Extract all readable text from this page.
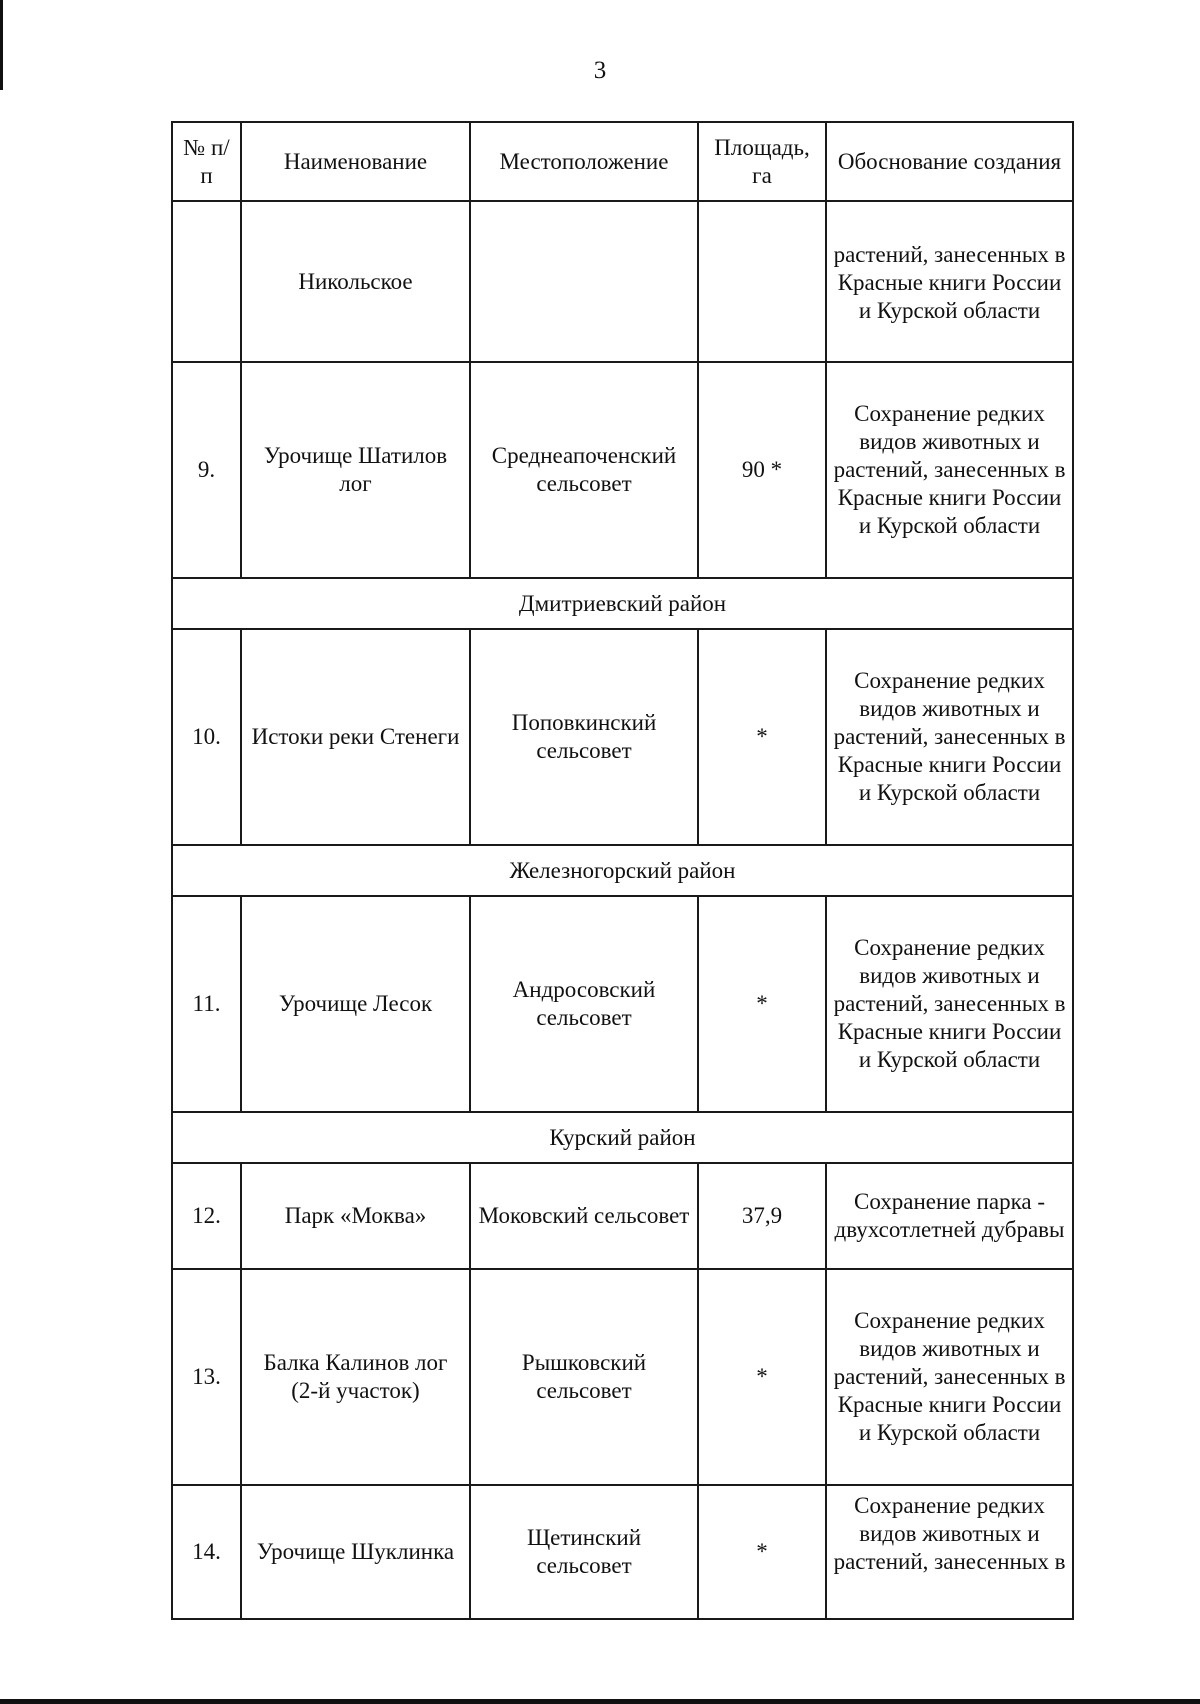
3
№ п/п	Наименование	Местоположение	Площадь, га	Обоснование создания
	Никольское			растений, занесенных в Красные книги России и Курской области
9.	Урочище Шатилов лог	Среднеапоченский сельсовет	90 *	Сохранение редких видов животных и растений, занесенных в Красные книги России и Курской области
Дмитриевский район				
10.	Истоки реки Стенеги	Поповкинский сельсовет	*	Сохранение редких видов животных и растений, занесенных в Красные книги России и Курской области
Железногорский район				
11.	Урочище Лесок	Андросовский сельсовет	*	Сохранение редких видов животных и растений, занесенных в Красные книги России и Курской области
Курский район				
12.	Парк «Моква»	Моковский сельсовет	37,9	Сохранение парка - двухсотлетней дубравы
13.	Балка Калинов лог (2-й участок)	Рышковский сельсовет	*	Сохранение редких видов животных и растений, занесенных в Красные книги России и Курской области
14.	Урочище Шуклинка	Щетинский сельсовет	*	Сохранение редких видов животных и растений, занесенных в
